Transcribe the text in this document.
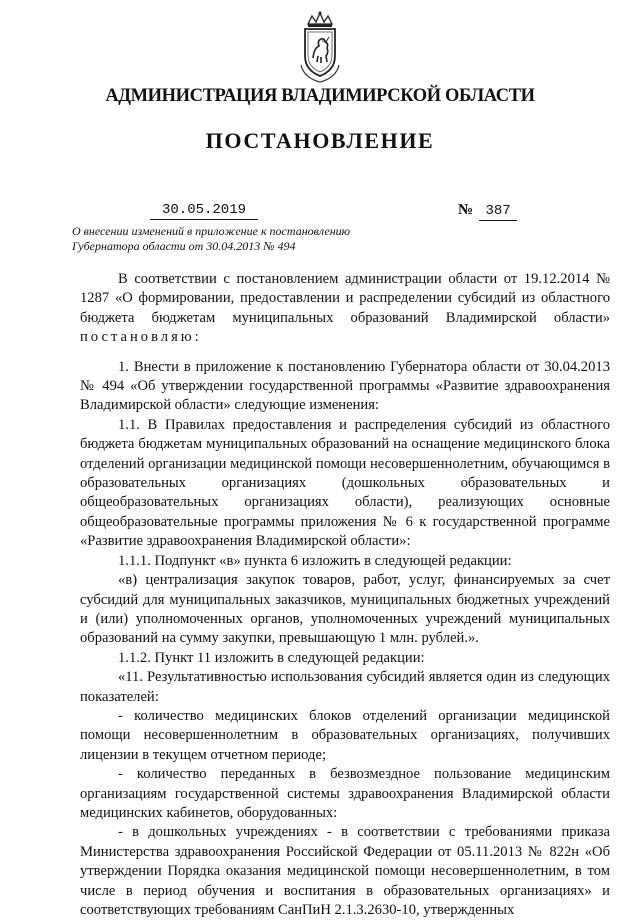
АДМИНИСТРАЦИЯ ВЛАДИМИРСКОЙ ОБЛАСТИ
ПОСТАНОВЛЕНИЕ
30.05.2019	№ 387
О внесении изменений в приложение к постановлению
Губернатора области от 30.04.2013 № 494

В соответствии с постановлением администрации области от 19.12.2014 № 1287 «О формировании, предоставлении и распределении субсидий из областного бюджета бюджетам муниципальных образований Владимирской области» постановляю:

1. Внести в приложение к постановлению Губернатора области от 30.04.2013 № 494 «Об утверждении государственной программы «Развитие здравоохранения Владимирской области» следующие изменения:

1.1. В Правилах предоставления и распределения субсидий из областного бюджета бюджетам муниципальных образований на оснащение медицинского блока отделений организации медицинской помощи несовершеннолетним, обучающимся в образовательных организациях (дошкольных образовательных и общеобразовательных организациях области), реализующих основные общеобразовательные программы приложения № 6 к государственной программе «Развитие здравоохранения Владимирской области»:

1.1.1. Подпункт «в» пункта 6 изложить в следующей редакции:

«в) централизация закупок товаров, работ, услуг, финансируемых за счет субсидий для муниципальных заказчиков, муниципальных бюджетных учреждений и (или) уполномоченных органов, уполномоченных учреждений муниципальных образований на сумму закупки, превышающую 1 млн. рублей.».

1.1.2. Пункт 11 изложить в следующей редакции:

«11. Результативностью использования субсидий является один из следующих показателей:

- количество медицинских блоков отделений организации медицинской помощи несовершеннолетним в образовательных организациях, получивших лицензии в текущем отчетном периоде;

- количество переданных в безвозмездное пользование медицинским организациям государственной системы здравоохранения Владимирской области медицинских кабинетов, оборудованных:

- в дошкольных учреждениях - в соответствии с требованиями приказа Министерства здравоохранения Российской Федерации от 05.11.2013 № 822н «Об утверждении Порядка оказания медицинской помощи несовершеннолетним, в том числе в период обучения и воспитания в образовательных организациях» и соответствующих требованиям СанПиН 2.1.3.2630-10, утвержденных
